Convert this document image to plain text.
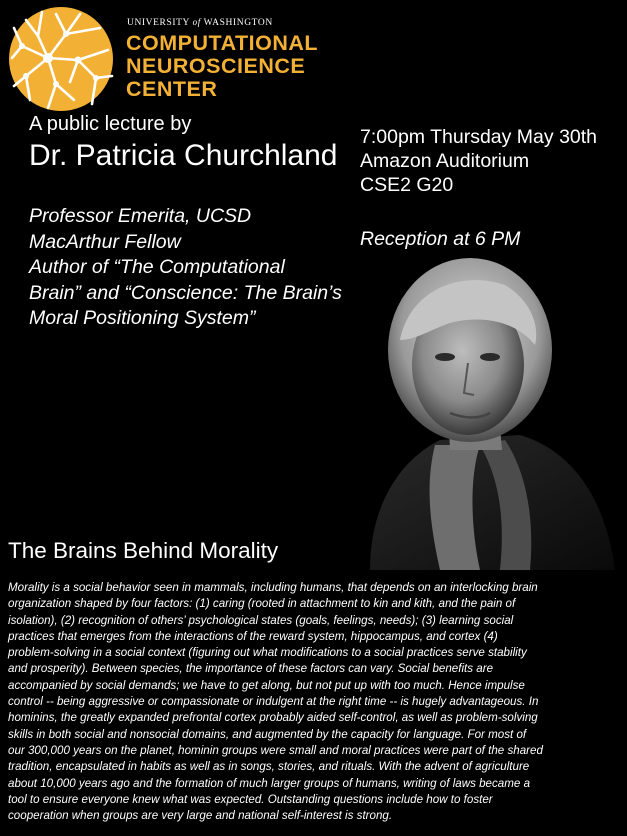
UNIVERSITY of WASHINGTON
COMPUTATIONAL
NEUROSCIENCE
CENTER
A public lecture by
Dr. Patricia Churchland
Professor Emerita, UCSD
MacArthur Fellow
Author of “The Computational
Brain” and “Conscience: The Brain’s
Moral Positioning System”
7:00pm Thursday May 30th
Amazon Auditorium
CSE2 G20
Reception at 6 PM
The Brains Behind Morality
Morality is a social behavior seen in mammals, including humans, that depends on an interlocking brain
organization shaped by four factors: (1) caring (rooted in attachment to kin and kith, and the pain of
isolation), (2) recognition of others’ psychological states (goals, feelings, needs); (3) learning social
practices that emerges from the interactions of the reward system, hippocampus, and cortex (4)
problem-solving in a social context (figuring out what modifications to a social practices serve stability
and prosperity). Between species, the importance of these factors can vary. Social benefits are
accompanied by social demands; we have to get along, but not put up with too much. Hence impulse
control -- being aggressive or compassionate or indulgent at the right time -- is hugely advantageous. In
hominins, the greatly expanded prefrontal cortex probably aided self-control, as well as problem-solving
skills in both social and nonsocial domains, and augmented by the capacity for language. For most of
our 300,000 years on the planet, hominin groups were small and moral practices were part of the shared
tradition, encapsulated in habits as well as in songs, stories, and rituals. With the advent of agriculture
about 10,000 years ago and the formation of much larger groups of humans, writing of laws became a
tool to ensure everyone knew what was expected. Outstanding questions include how to foster
cooperation when groups are very large and national self-interest is strong.
